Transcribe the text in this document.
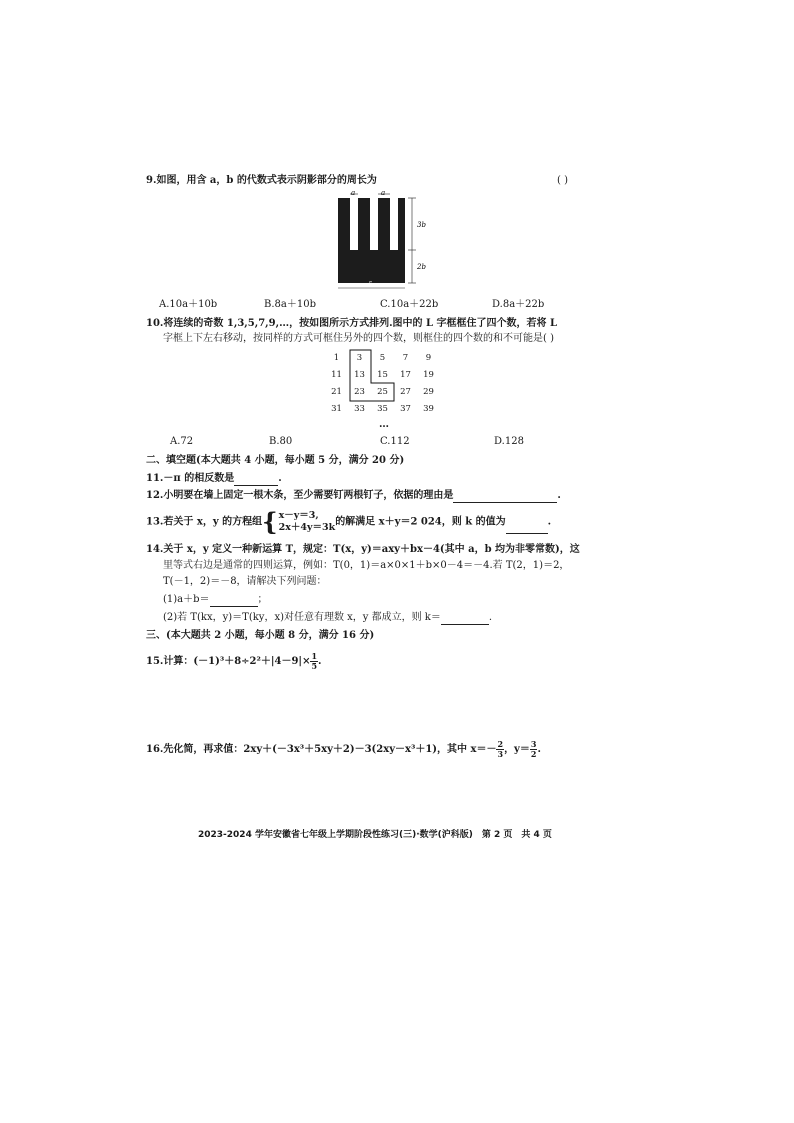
9.如图，用含 a，b 的代数式表示阴影部分的周长为	( )
a	a
3b
2b
5a
A.10a＋10b	B.8a＋10b	C.10a＋22b	D.8a＋22b
10.将连续的奇数 1,3,5,7,9,…，按如图所示方式排列.图中的 L 字框框住了四个数，若将 L
字框上下左右移动，按同样的方式可框住另外的四个数，则框住的四个数的和不可能是( )
1	3	5	7	9
11	13	15	17	19
21	23	25	27	29
31	33	35	37	39
…
A.72	B.80	C.112	D.128
二、填空题(本大题共 4 小题，每小题 5 分，满分 20 分)
11.－π 的相反数是	.
12.小明要在墙上固定一根木条，至少需要钉两根钉子，依据的理由是	.
13.若关于 x，y 的方程组{ x－y＝3,
2x＋4y＝3k 的解满足 x＋y＝2 024，则 k 的值为	.
14.关于 x，y 定义一种新运算 T，规定：T(x，y)＝axy＋bx－4(其中 a，b 均为非零常数)，这
里等式右边是通常的四则运算，例如：T(0，1)＝a×0×1＋b×0－4＝－4.若 T(2，1)＝2，
T(－1，2)＝－8，请解决下列问题：
(1)a＋b＝	；
(2)若 T(kx，y)＝T(ky，x)对任意有理数 x，y 都成立，则 k＝	.
三、(本大题共 2 小题，每小题 8 分，满分 16 分)
15.计算：$(-1)^3+8\div 2^2+|4-9|\times \frac{1}{5}$ .
16.先化简，再求值：2xy＋(－3x³＋5xy＋2)－3(2xy－x³＋1)，其中 $x=- \frac{2}{3}$ ，$y= \frac{3}{2}$ .
2023-2024 学年安徽省七年级上学期阶段性练习(三)·数学(沪科版)　第 2 页　共 4 页
